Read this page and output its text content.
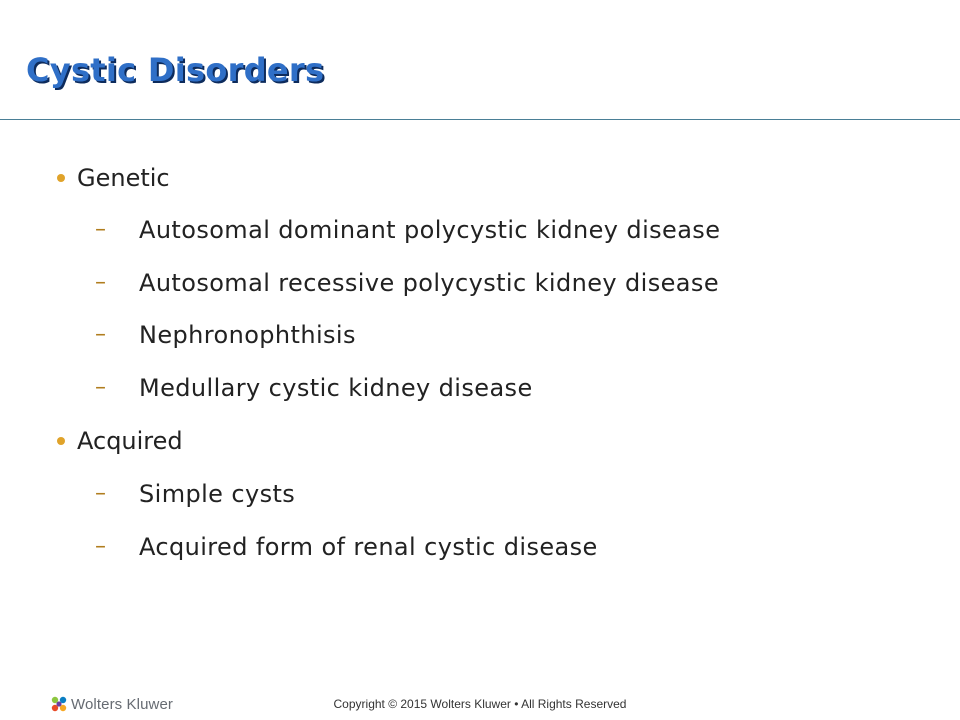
Cystic Disorders
Genetic
– Autosomal dominant polycystic kidney disease
– Autosomal recessive polycystic kidney disease
– Nephronophthisis
– Medullary cystic kidney disease
Acquired
– Simple cysts
– Acquired form of renal cystic disease
Wolters Kluwer	Copyright © 2015 Wolters Kluwer • All Rights Reserved
